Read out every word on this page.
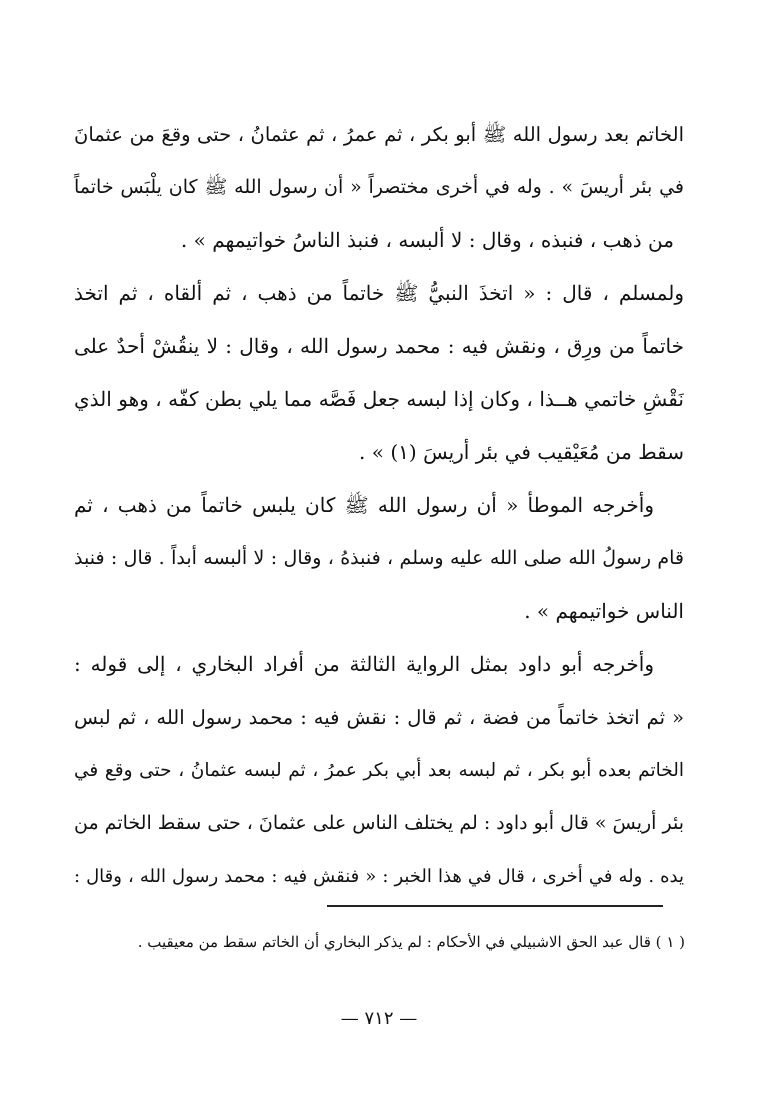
الخاتم بعد رسول الله ﷺ أبو بكر ، ثم عمرُ ، ثم عثمانُ ، حتى وقعَ من عثمانَ
في بئر أريسَ » . وله في أخرى مختصراً « أن رسول الله ﷺ كان يلْبَس خاتماً
من ذهب ، فنبذه ، وقال : لا ألبسه ، فنبذ الناسُ خواتيمهم » .
ولمسلم ، قال : « اتخذَ النبيُّ ﷺ خاتماً من ذهب ، ثم ألقاه ، ثم اتخذ
خاتماً من ورِق ، ونقش فيه : محمد رسول الله ، وقال : لا ينقُشْ أحدٌ على
نَقْشِ خاتمي هــذا ، وكان إذا لبسه جعل فَصَّه مما يلي بطن كفّه ، وهو الذي
سقط من مُعَيْقيب في بئر أريسَ (١) » .
وأخرجه الموطأ « أن رسول الله ﷺ كان يلبس خاتماً من ذهب ، ثم
قام رسولُ الله صلى الله عليه وسلم ، فنبذهُ ، وقال : لا ألبسه أبداً . قال : فنبذ
الناس خواتيمهم » .
وأخرجه أبو داود بمثل الرواية الثالثة من أفراد البخاري ، إلى قوله :
« ثم اتخذ خاتماً من فضة ، ثم قال : نقش فيه : محمد رسول الله ، ثم لبس
الخاتم بعده أبو بكر ، ثم لبسه بعد أبي بكر عمرُ ، ثم لبسه عثمانُ ، حتى وقع في
بئر أريسَ » قال أبو داود : لم يختلف الناس على عثمانَ ، حتى سقط الخاتم من
يده . وله في أخرى ، قال في هذا الخبر : « فنقش فيه : محمد رسول الله ، وقال :
( ١ ) قال عبد الحق الاشبيلي في الأحكام : لم يذكر البخاري أن الخاتم سقط من معيقيب .
— ٧١٢ —
